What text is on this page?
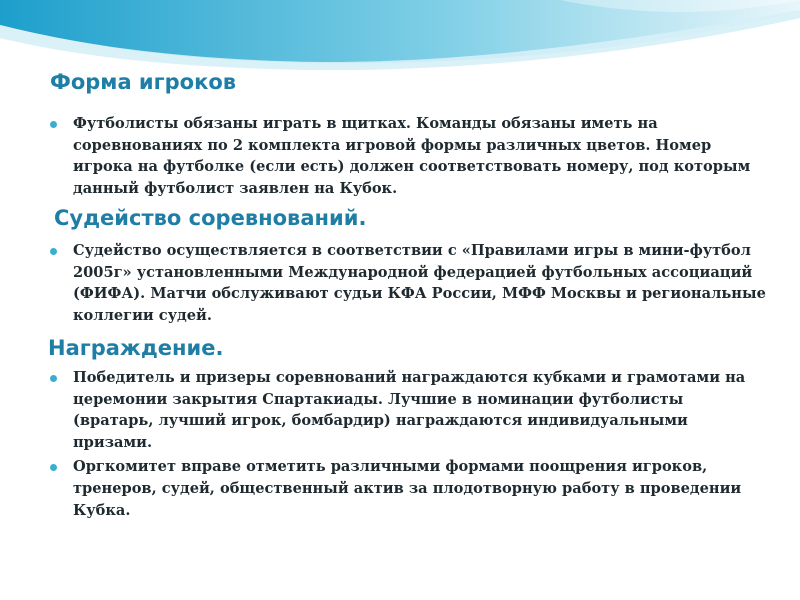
Форма игроков
Футболисты обязаны играть в щитках. Команды обязаны иметь на соревнованиях по 2 комплекта игровой формы различных цветов. Номер игрока на футболке (если есть) должен соответствовать номеру, под которым данный футболист заявлен на Кубок.
Судейство соревнований.
Судейство осуществляется в соответствии с «Правилами игры в мини-футбол 2005г» установленными Международной федерацией футбольных ассоциаций (ФИФА). Матчи обслуживают судьи КФА России, МФФ Москвы и региональные коллегии судей.
Награждение.
Победитель и призеры соревнований награждаются кубками и грамотами на церемонии закрытия Спартакиады. Лучшие в номинации футболисты (вратарь, лучший игрок, бомбардир) награждаются индивидуальными призами.
Оргкомитет вправе отметить различными формами поощрения игроков, тренеров, судей, общественный актив за плодотворную работу в проведении Кубка.
